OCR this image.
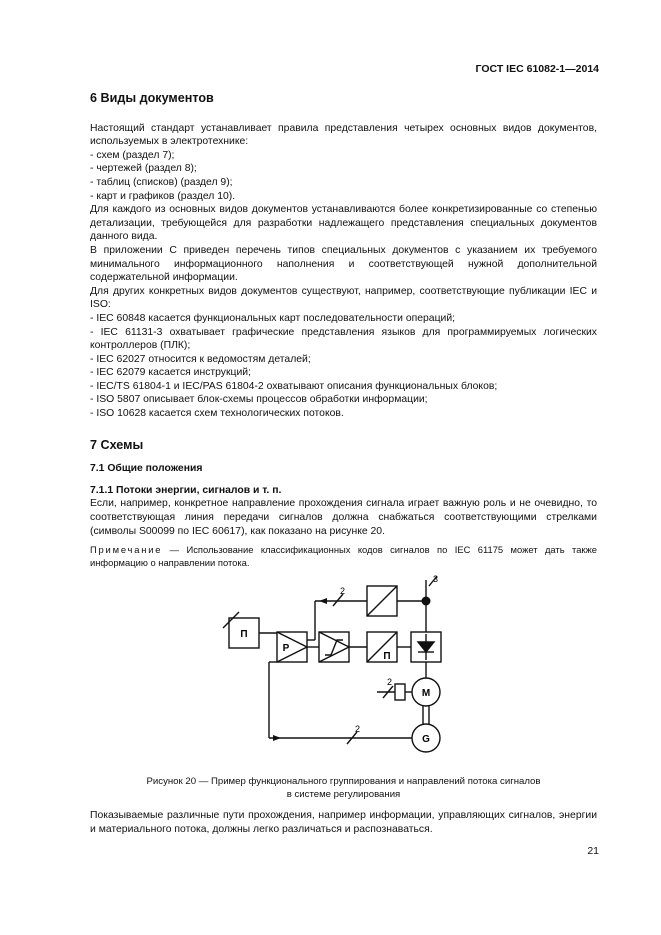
ГОСТ IEC 61082-1—2014
6 Виды документов

Настоящий стандарт устанавливает правила представления четырех основных видов документов, используемых в электротехнике:

- схем (раздел 7);
- чертежей (раздел 8);
- таблиц (списков) (раздел 9);
- карт и графиков (раздел 10).

Для каждого из основных видов документов устанавливаются более конкретизированные со степенью детализации, требующейся для разработки надлежащего представления специальных документов данного вида.

В приложении С приведен перечень типов специальных документов с указанием их требуемого минимального информационного наполнения и соответствующей нужной дополнительной содержательной информации.

Для других конкретных видов документов существуют, например, соответствующие публикации IEC и ISO:

- IEC 60848 касается функциональных карт последовательности операций;
- IEC 61131-3 охватывает графические представления языков для программируемых логических контроллеров (ПЛК);
- IEC 62027 относится к ведомостям деталей;
- IEC 62079 касается инструкций;
- IEC/TS 61804-1 и IEC/PAS 61804-2 охватывают описания функциональных блоков;
- ISO 5807 описывает блок-схемы процессов обработки информации;
- ISO 10628 касается схем технологических потоков.
7 Схемы
7.1 Общие положения
7.1.1 Потоки энергии, сигналов и т. п.

Если, например, конкретное направление прохождения сигнала играет важную роль и не очевидно, то соответствующая линия передачи сигналов должна снабжаться соответствующими стрелками (символы S00099 по IEC 60617), как показано на рисунке 20.

Примечание — Использование классификационных кодов сигналов по IEC 61175 может дать также информацию о направлении потока.

П
P
П
M
G
2
2
2
3
Рисунок 20 — Пример функционального группирования и направлений потока сигналов
в системе регулирования

Показываемые различные пути прохождения, например информации, управляющих сигналов, энергии и материального потока, должны легко различаться и распознаваться.

21
